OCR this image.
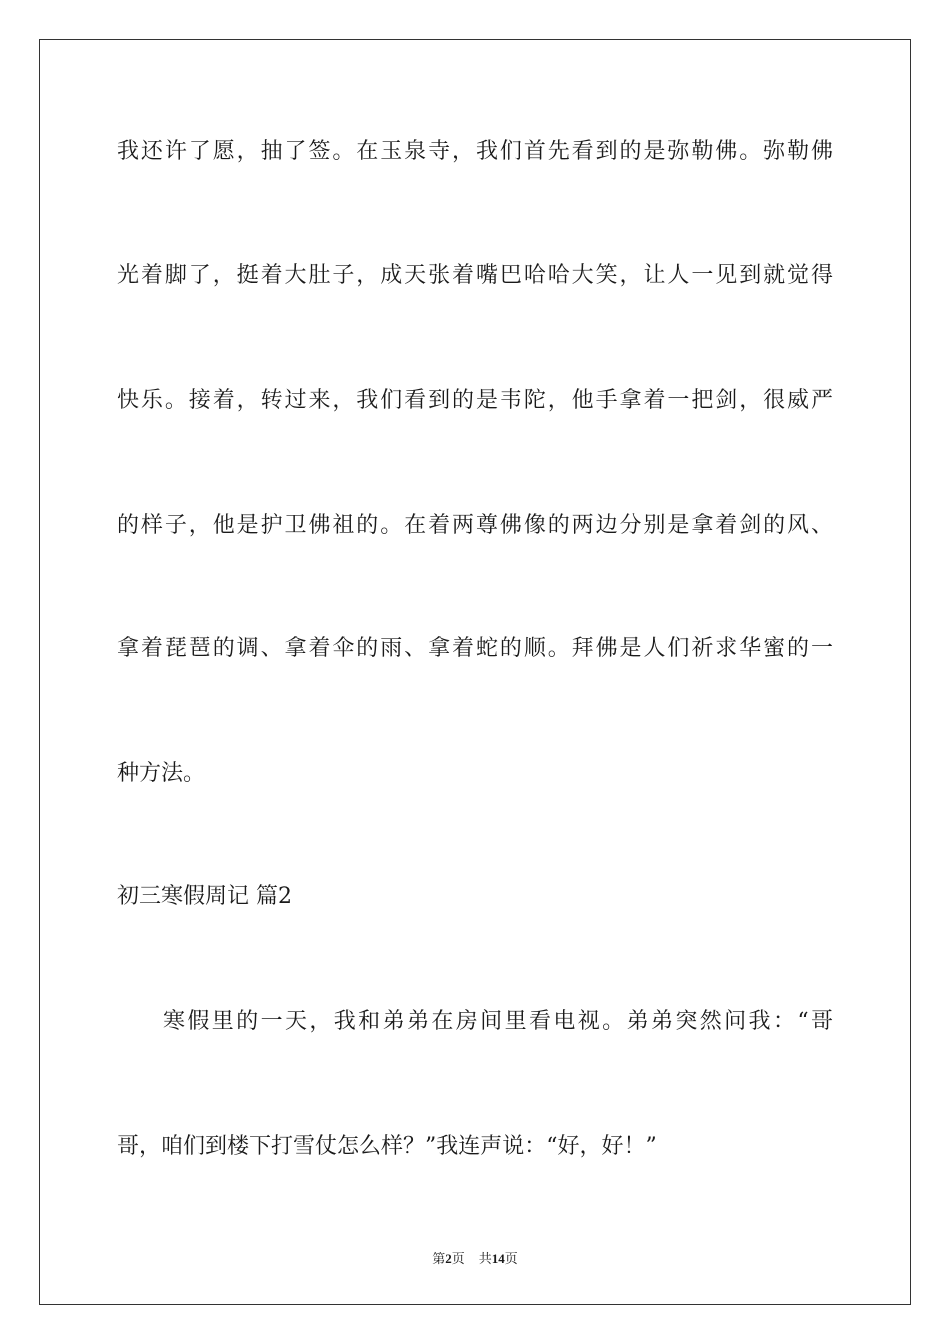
我还许了愿，抽了签。在玉泉寺，我们首先看到的是弥勒佛。弥勒佛
光着脚了，挺着大肚子，成天张着嘴巴哈哈大笑，让人一见到就觉得
快乐。接着，转过来，我们看到的是韦陀，他手拿着一把剑，很威严
的样子，他是护卫佛祖的。在着两尊佛像的两边分别是拿着剑的风、
拿着琵琶的调、拿着伞的雨、拿着蛇的顺。拜佛是人们祈求华蜜的一
种方法。
初三寒假周记 篇2
寒假里的一天，我和弟弟在房间里看电视。弟弟突然问我：“哥
哥，咱们到楼下打雪仗怎么样？”我连声说：“好，好！”
第2页 共14页
